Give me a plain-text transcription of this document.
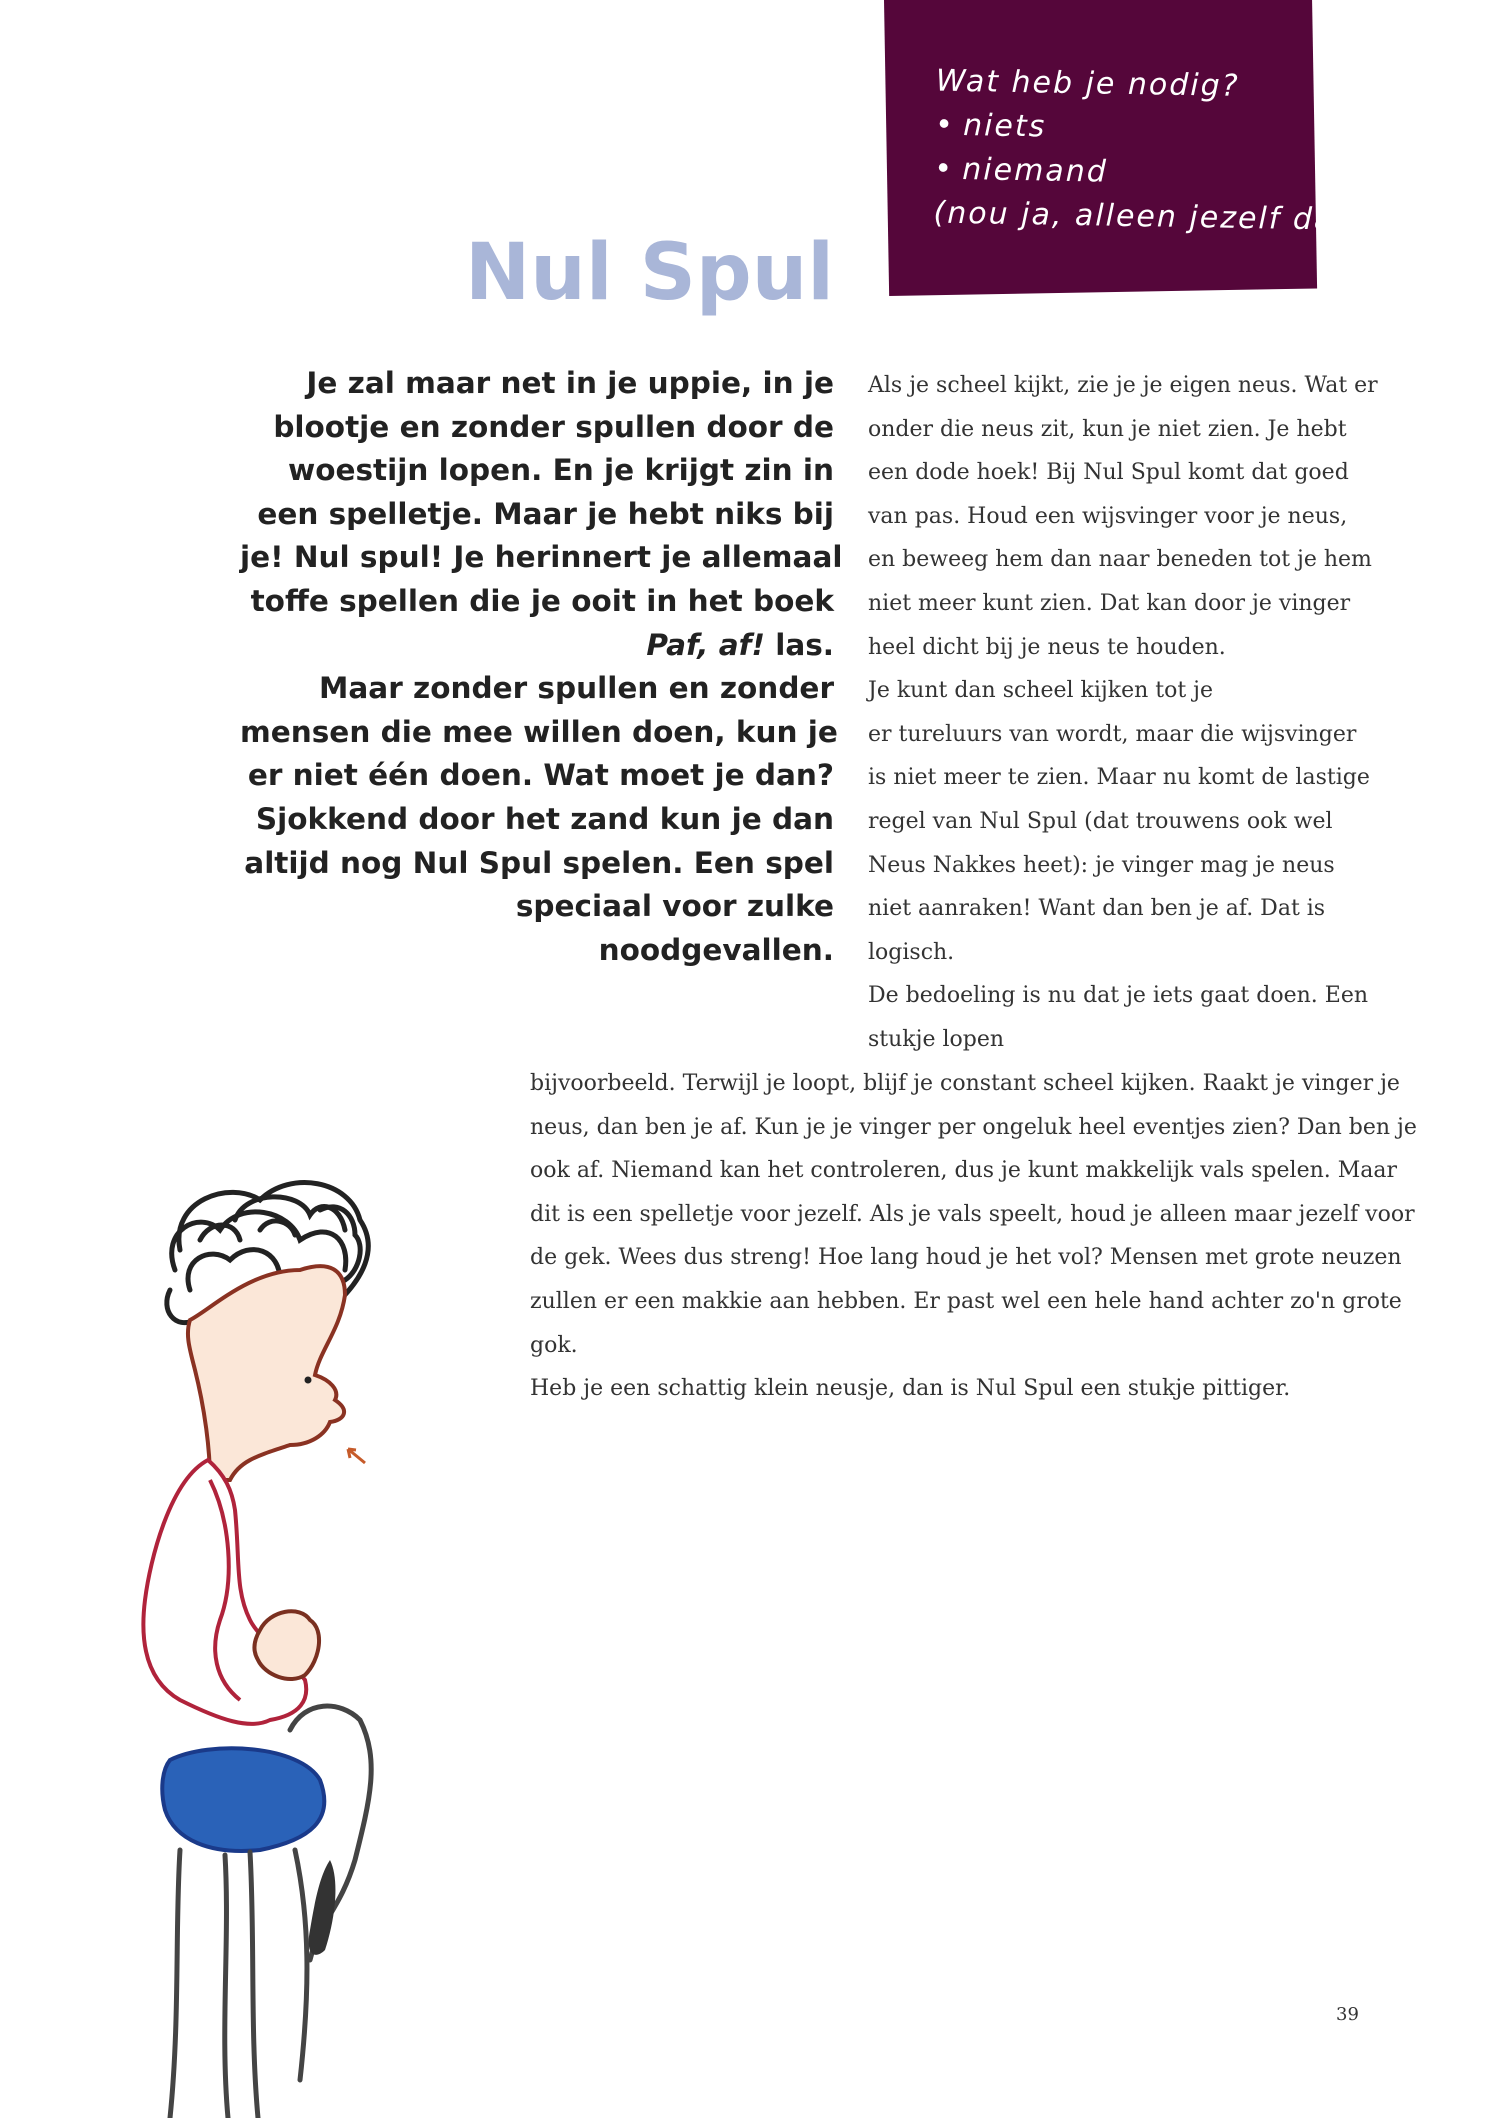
Wat heb je nodig?
• niets
• niemand
(nou ja, alleen jezelf dan)
Nul Spul
Je zal maar net in je uppie, in je
blootje en zonder spullen door de
woestijn lopen. En je krijgt zin in
een spelletje. Maar je hebt niks bij
je! Nul spul! Je herinnert je allemaal
toffe spellen die je ooit in het boek
Paf, af! las.
Maar zonder spullen en zonder
mensen die mee willen doen, kun je
er niet één doen. Wat moet je dan?
Sjokkend door het zand kun je dan
altijd nog Nul Spul spelen. Een spel
speciaal voor zulke
noodgevallen.
Als je scheel kijkt, zie je je eigen neus. Wat er
onder die neus zit, kun je niet zien. Je hebt
een dode hoek! Bij Nul Spul komt dat goed
van pas. Houd een wijsvinger voor je neus,
en beweeg hem dan naar beneden tot je hem
niet meer kunt zien. Dat kan door je vinger
heel dicht bij je neus te houden.
Je kunt dan scheel kijken tot je
er tureluurs van wordt, maar die wijsvinger
is niet meer te zien. Maar nu komt de lastige
regel van Nul Spul (dat trouwens ook wel
Neus Nakkes heet): je vinger mag je neus
niet aanraken! Want dan ben je af. Dat is
logisch.
De bedoeling is nu dat je iets gaat doen. Een
stukje lopen
bijvoorbeeld. Terwijl je loopt, blijf je constant scheel kijken. Raakt je vinger je
neus, dan ben je af. Kun je je vinger per ongeluk heel eventjes zien? Dan ben je
ook af. Niemand kan het controleren, dus je kunt makkelijk vals spelen. Maar
dit is een spelletje voor jezelf. Als je vals speelt, houd je alleen maar jezelf voor
de gek. Wees dus streng! Hoe lang houd je het vol? Mensen met grote neuzen
zullen er een makkie aan hebben. Er past wel een hele hand achter zo'n grote
gok.
Heb je een schattig klein neusje, dan is Nul Spul een stukje pittiger.
39
